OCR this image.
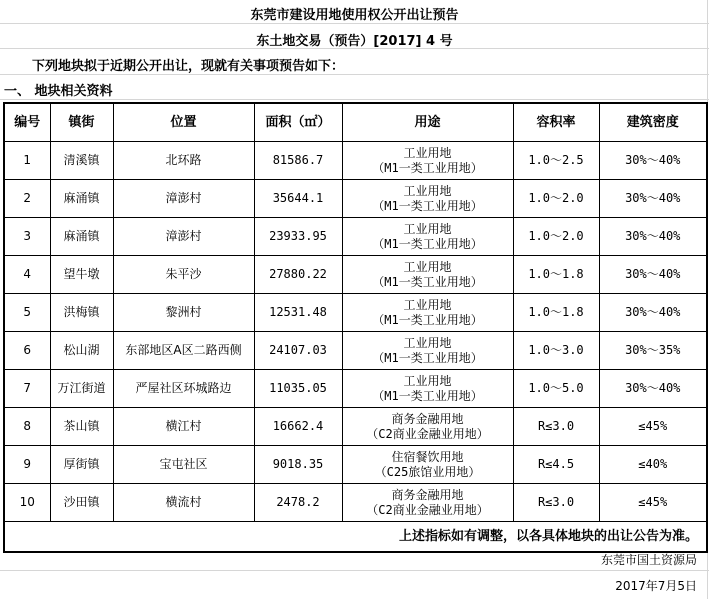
东莞市建设用地使用权公开出让预告
东土地交易（预告）[2017] 4 号
下列地块拟于近期公开出让，现就有关事项预告如下：
一、 地块相关资料
编号	镇街	位置	面积（㎡）	用途	容积率	建筑密度
1	清溪镇	北环路	81586.7	工业用地
（M1一类工业用地）	1.0～2.5	30%～40%
2	麻涌镇	漳澎村	35644.1	工业用地
（M1一类工业用地）	1.0～2.0	30%～40%
3	麻涌镇	漳澎村	23933.95	工业用地
（M1一类工业用地）	1.0～2.0	30%～40%
4	望牛墩	朱平沙	27880.22	工业用地
（M1一类工业用地）	1.0～1.8	30%～40%
5	洪梅镇	黎洲村	12531.48	工业用地
（M1一类工业用地）	1.0～1.8	30%～40%
6	松山湖	东部地区A区二路西侧	24107.03	工业用地
（M1一类工业用地）	1.0～3.0	30%～35%
7	万江街道	严屋社区环城路边	11035.05	工业用地
（M1一类工业用地）	1.0～5.0	30%～40%
8	茶山镇	横江村	16662.4	商务金融用地
（C2商业金融业用地）	R≤3.0	≤45%
9	厚街镇	宝屯社区	9018.35	住宿餐饮用地
（C25旅馆业用地）	R≤4.5	≤40%
10	沙田镇	横流村	2478.2	商务金融用地
（C2商业金融业用地）	R≤3.0	≤45%
上述指标如有调整，以各具体地块的出让公告为准。						
东莞市国土资源局
2017年7月5日
